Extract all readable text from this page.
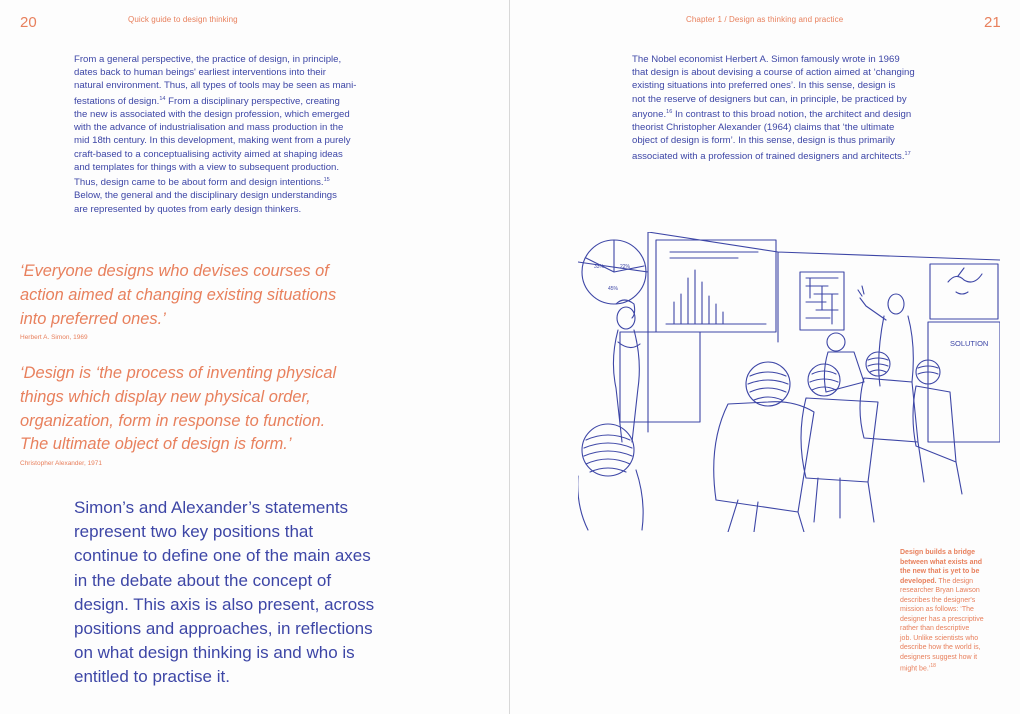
20	Quick guide to design thinking
From a general perspective, the practice of design, in principle,
dates back to human beings' earliest interventions into their
natural environment. Thus, all types of tools may be seen as mani-
festations of design.$^{14}$ From a disciplinary perspective, creating
the new is associated with the design profession, which emerged
with the advance of industrialisation and mass production in the
mid 18th century. In this development, making went from a purely
craft-based to a conceptualising activity aimed at shaping ideas
and templates for things with a view to subsequent production.
Thus, design came to be about form and design intentions.$^{15}$
Below, the general and the disciplinary design understandings
are represented by quotes from early design thinkers.
‘Everyone designs who devises courses of
action aimed at changing existing situations
into preferred ones.’
Herbert A. Simon, 1969
‘Design is ‘the process of inventing physical
things which display new physical order,
organization, form in response to function.
The ultimate object of design is form.’
Christopher Alexander, 1971
Simon’s and Alexander’s statements
represent two key positions that
continue to define one of the main axes
in the debate about the concept of
design. This axis is also present, across
positions and approaches, in reflections
on what design thinking is and who is
entitled to practise it.
Chapter 1 / Design as thinking and practice	21
The Nobel economist Herbert A. Simon famously wrote in 1969
that design is about devising a course of action aimed at ‘changing
existing situations into preferred ones’. In this sense, design is
not the reserve of designers but can, in principle, be practiced by
anyone.$^{16}$ In contrast to this broad notion, the architect and design
theorist Christopher Alexander (1964) claims that ‘the ultimate
object of design is form’. In this sense, design is thus primarily
associated with a profession of trained designers and architects.$^{17}$
33%	22%
45%
SOLUTION
Design builds a bridge
between what exists and
the new that is yet to be
developed. The design
researcher Bryan Lawson
describes the designer's
mission as follows: ‘The
designer has a prescriptive
rather than descriptive
job. Unlike scientists who
describe how the world is,
designers suggest how it
might be.’$^{18}$
